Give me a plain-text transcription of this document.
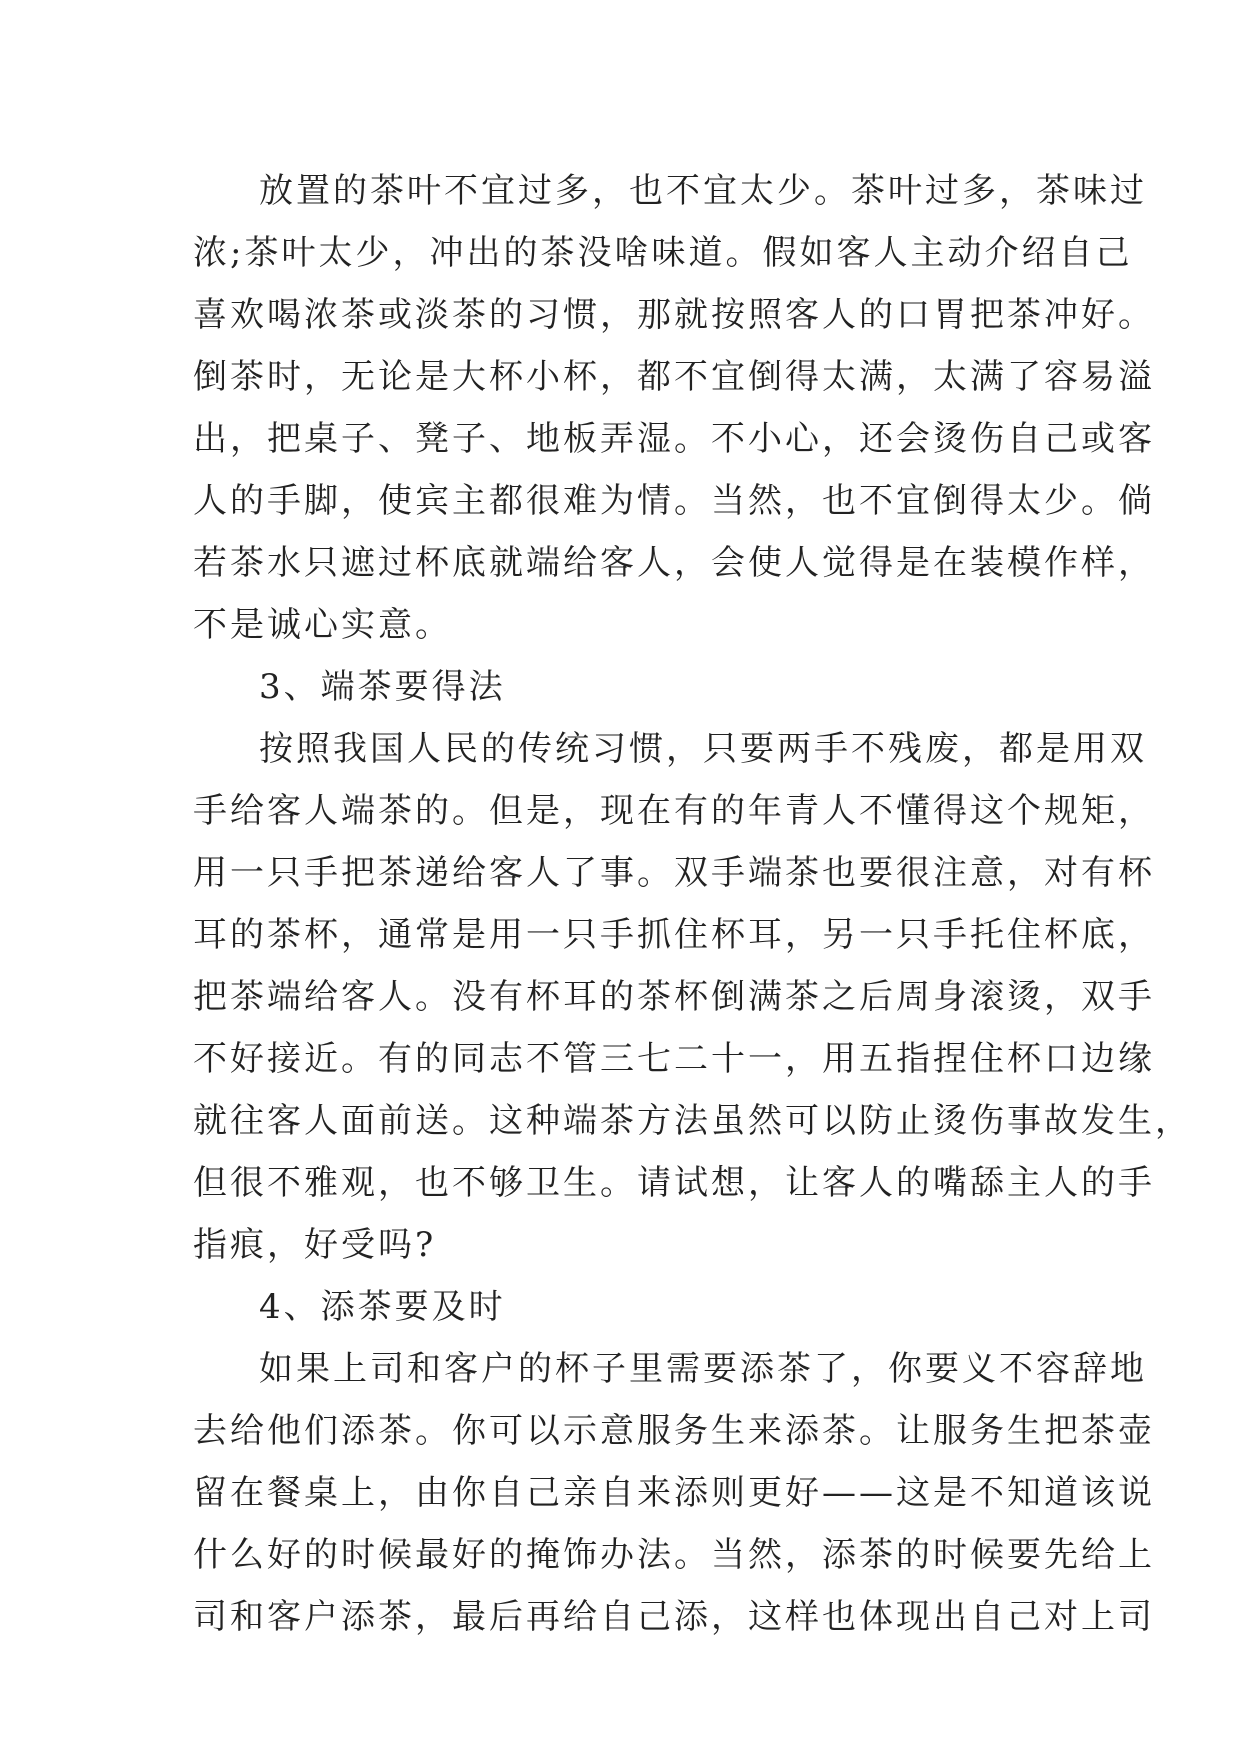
放置的茶叶不宜过多，也不宜太少。茶叶过多，茶味过
浓;茶叶太少，冲出的茶没啥味道。假如客人主动介绍自己
喜欢喝浓茶或淡茶的习惯，那就按照客人的口胃把茶冲好。
倒茶时，无论是大杯小杯，都不宜倒得太满，太满了容易溢
出，把桌子、凳子、地板弄湿。不小心，还会烫伤自己或客
人的手脚，使宾主都很难为情。当然，也不宜倒得太少。倘
若茶水只遮过杯底就端给客人，会使人觉得是在装模作样，
不是诚心实意。
3、端茶要得法
按照我国人民的传统习惯，只要两手不残废，都是用双
手给客人端茶的。但是，现在有的年青人不懂得这个规矩，
用一只手把茶递给客人了事。双手端茶也要很注意，对有杯
耳的茶杯，通常是用一只手抓住杯耳，另一只手托住杯底，
把茶端给客人。没有杯耳的茶杯倒满茶之后周身滚烫，双手
不好接近。有的同志不管三七二十一，用五指捏住杯口边缘
就往客人面前送。这种端茶方法虽然可以防止烫伤事故发生，
但很不雅观，也不够卫生。请试想，让客人的嘴舔主人的手
指痕，好受吗?
4、添茶要及时
如果上司和客户的杯子里需要添茶了，你要义不容辞地
去给他们添茶。你可以示意服务生来添茶。让服务生把茶壶
留在餐桌上，由你自己亲自来添则更好——这是不知道该说
什么好的时候最好的掩饰办法。当然，添茶的时候要先给上
司和客户添茶，最后再给自己添，这样也体现出自己对上司
